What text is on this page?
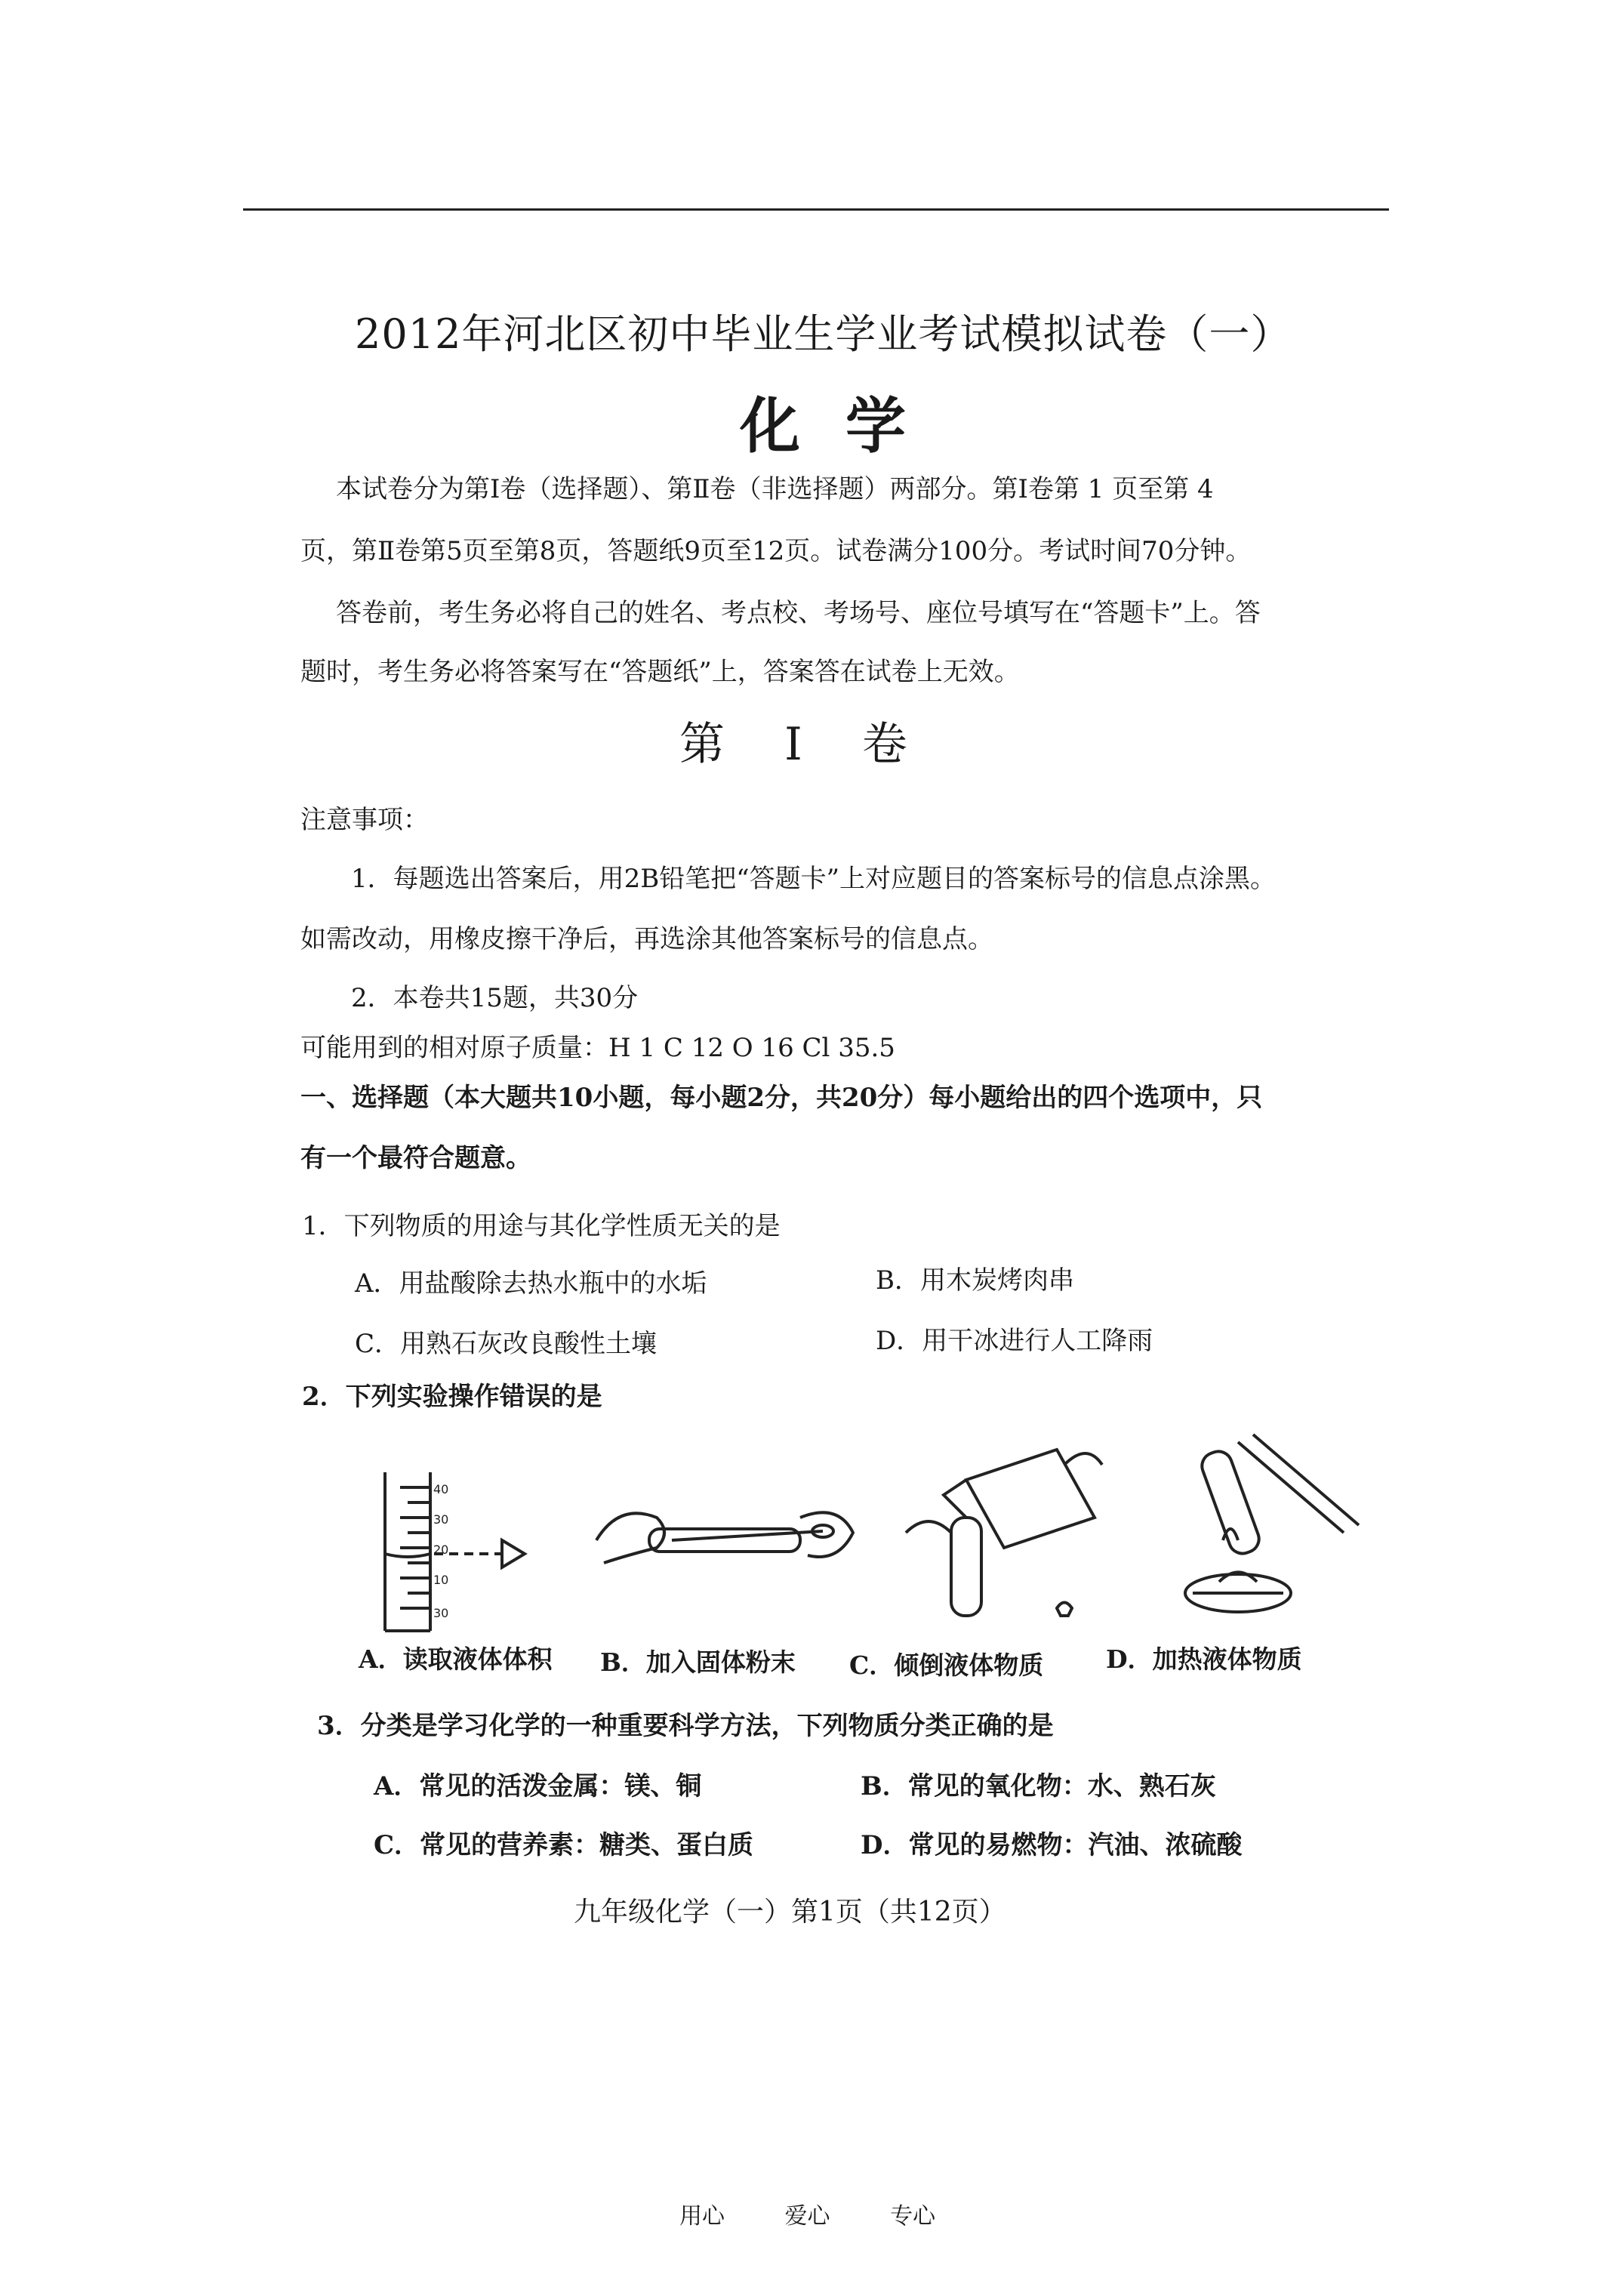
2012年河北区初中毕业生学业考试模拟试卷（一）
化学
本试卷分为第Ⅰ卷（选择题）、第Ⅱ卷（非选择题）两部分。第Ⅰ卷第 1 页至第 4
页，第Ⅱ卷第5页至第8页，答题纸9页至12页。试卷满分100分。考试时间70分钟。
答卷前，考生务必将自己的姓名、考点校、考场号、座位号填写在“答题卡”上。答
题时，考生务必将答案写在“答题纸”上，答案答在试卷上无效。
第 Ⅰ 卷
注意事项：
1．每题选出答案后，用2B铅笔把“答题卡”上对应题目的答案标号的信息点涂黑。
如需改动，用橡皮擦干净后，再选涂其他答案标号的信息点。
2．本卷共15题，共30分
可能用到的相对原子质量：H 1 C 12 O 16 Cl 35.5
一、选择题（本大题共10小题，每小题2分，共20分）每小题给出的四个选项中，只
有一个最符合题意。
1．下列物质的用途与其化学性质无关的是
A．用盐酸除去热水瓶中的水垢	B．用木炭烤肉串
C．用熟石灰改良酸性土壤	D．用干冰进行人工降雨
2．下列实验操作错误的是
40
30
20
10
30
A．读取液体体积 B．加入固体粉末 C．倾倒液体物质	D．加热液体物质
3．分类是学习化学的一种重要科学方法，下列物质分类正确的是
A．常见的活泼金属：镁、铜	B．常见的氧化物：水、熟石灰
C．常见的营养素：糖类、蛋白质	D．常见的易燃物：汽油、浓硫酸
九年级化学（一）第1页（共12页）
用心	爱心	专心
